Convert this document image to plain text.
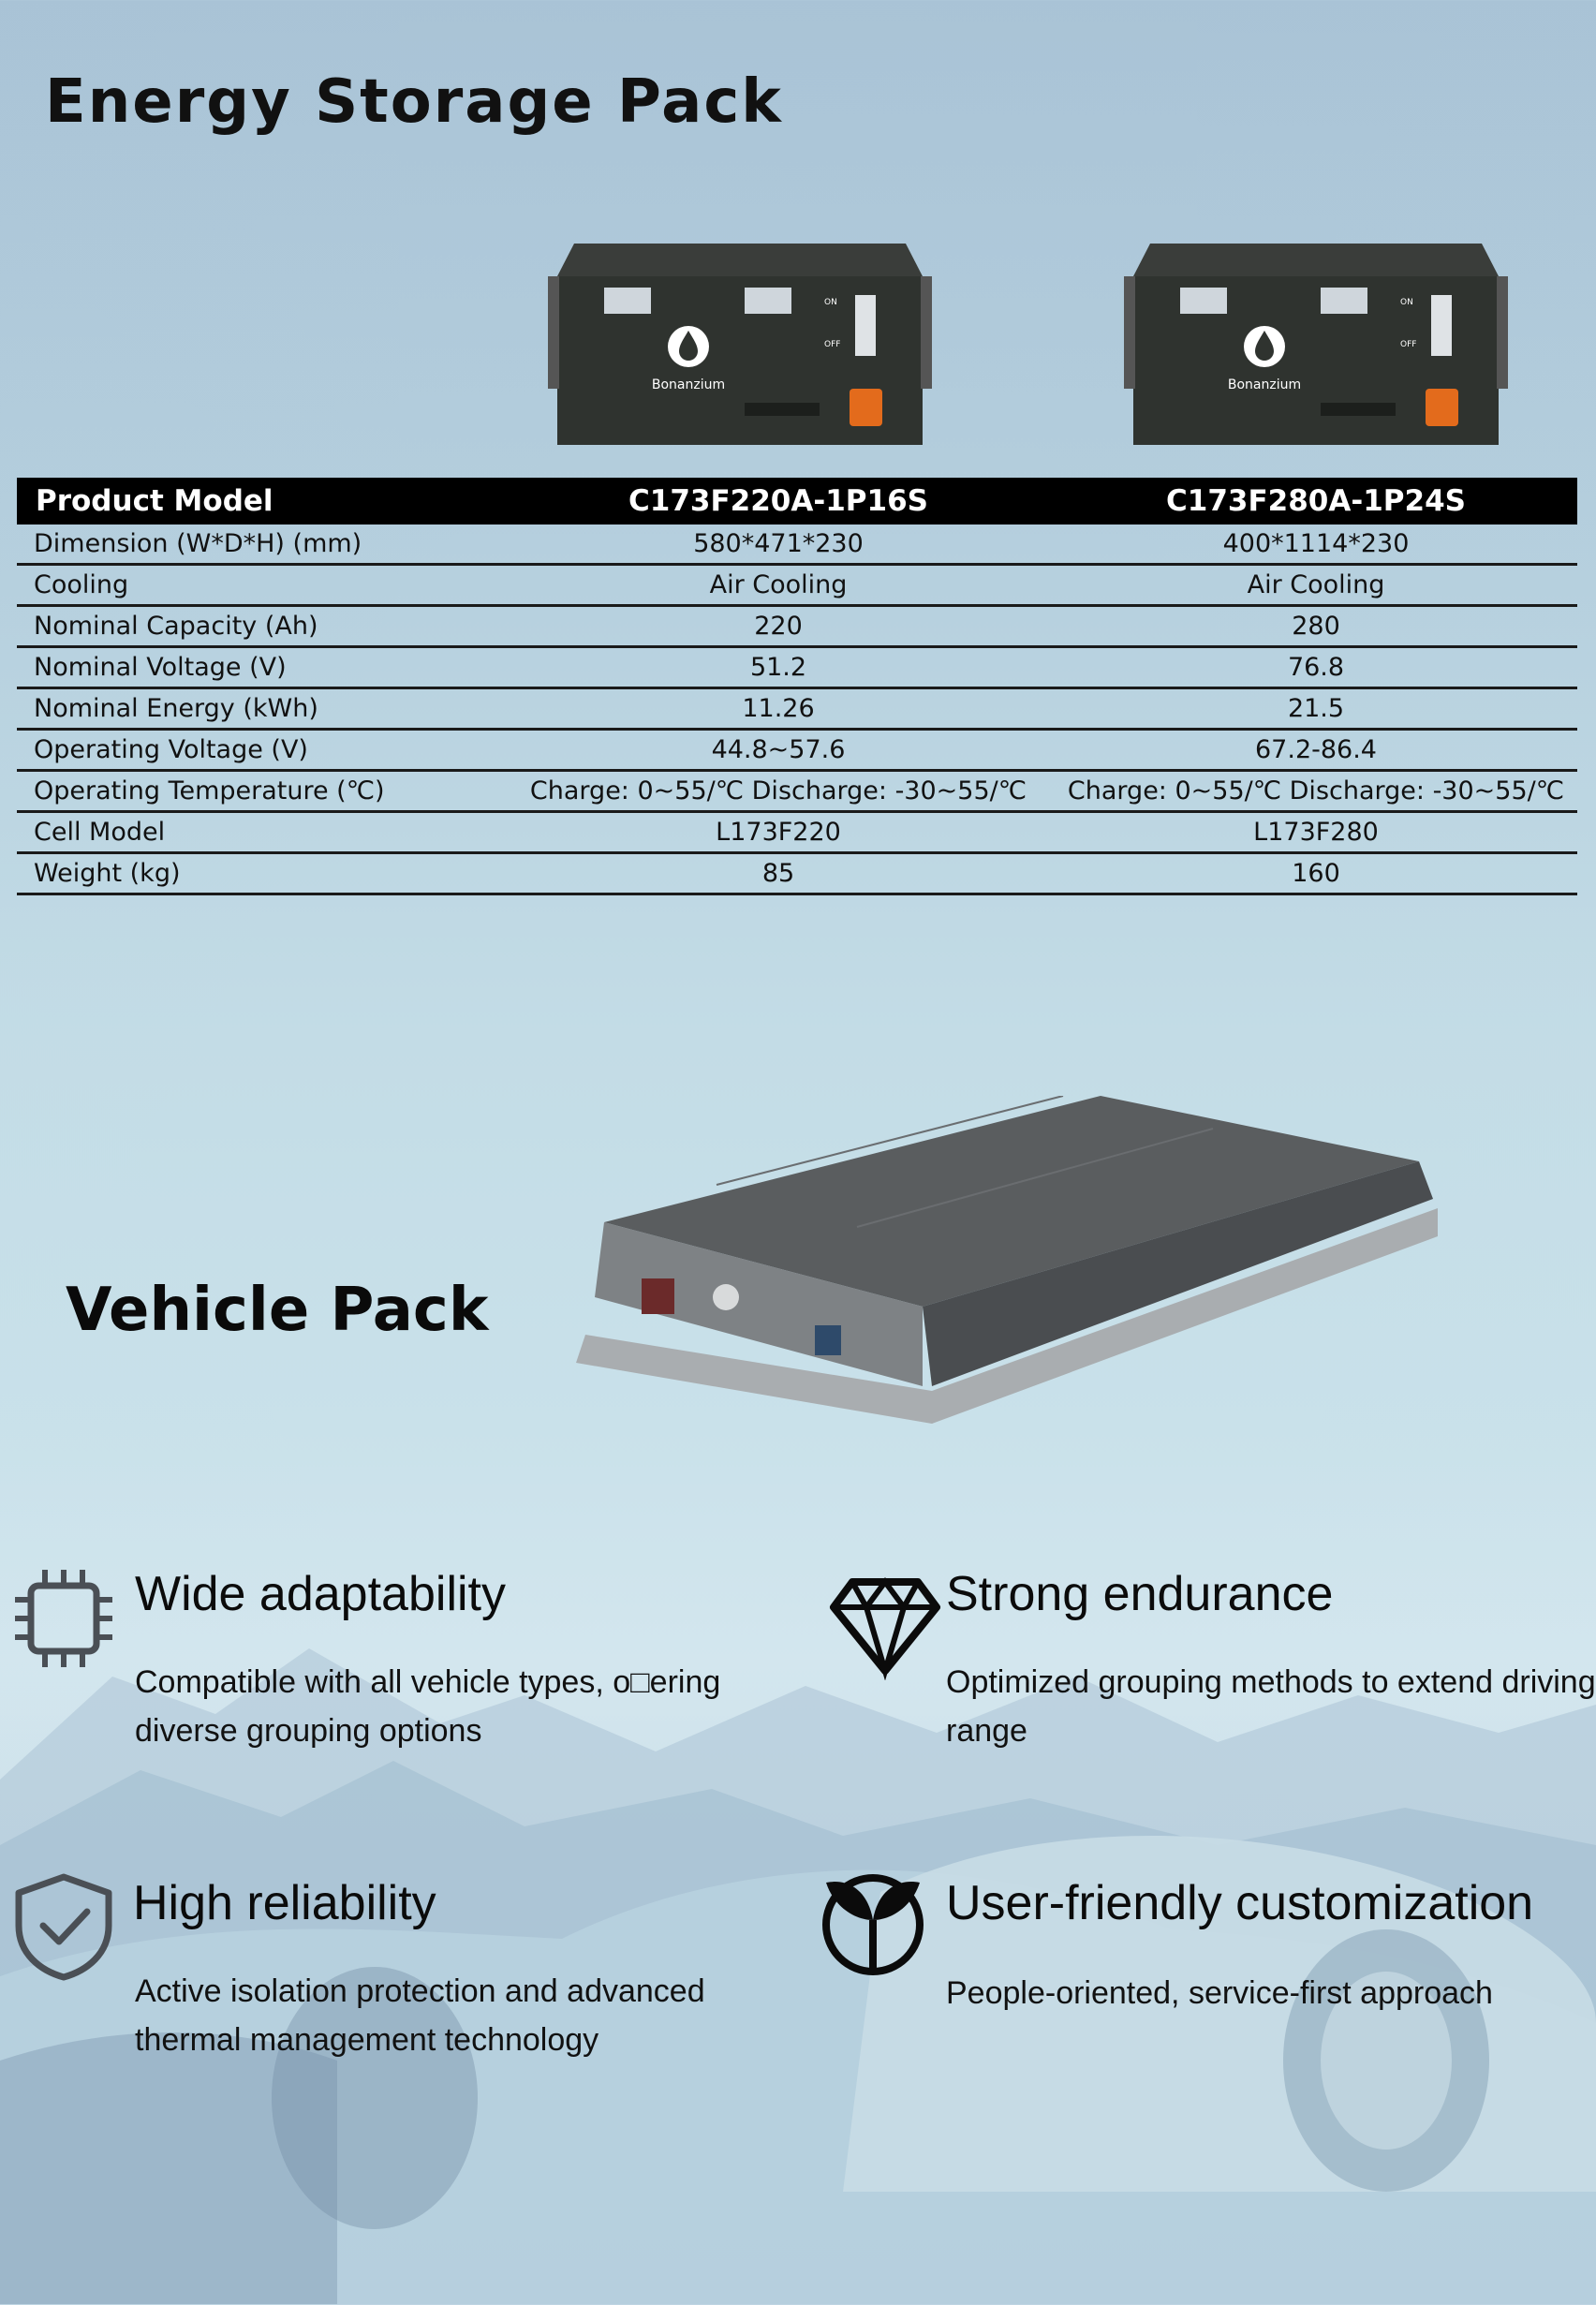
Energy Storage Pack
Bonanzium
ON
OFF
Bonanzium
ON
OFF
Product Model	C173F220A-1P16S	C173F280A-1P24S
Dimension (W*D*H) (mm)	580*471*230	400*1114*230
Cooling	Air Cooling	Air Cooling
Nominal Capacity (Ah)	220	280
Nominal Voltage (V)	51.2	76.8
Nominal Energy (kWh)	11.26	21.5
Operating Voltage (V)	44.8~57.6	67.2-86.4
Operating Temperature (℃)	Charge: 0~55/℃ Discharge: -30~55/℃	Charge: 0~55/℃ Discharge: -30~55/℃
Cell Model	L173F220	L173F280
Weight (kg)	85	160
Vehicle Pack
Wide adaptability

Compatible with all vehicle types, o□ering diverse grouping options

Strong endurance

Optimized grouping methods to extend driving range

High reliability

Active isolation protection and advanced thermal management technology

User-friendly customization

People-oriented, service-first approach
